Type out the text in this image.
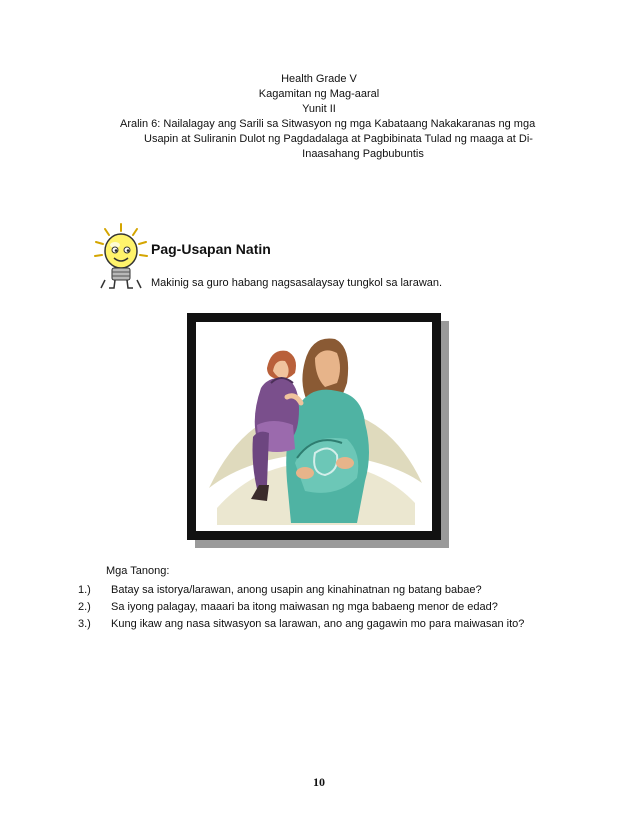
Health Grade V
Kagamitan ng Mag-aaral
Yunit II
Aralin 6: Nailalagay ang Sarili sa Sitwasyon ng mga Kabataang Nakakaranas ng mga
Usapin at Suliranin Dulot ng Pagdadalaga at Pagbibinata Tulad ng maaga at Di-
Inaasahang Pagbubuntis
Pag-Usapan Natin
Makinig sa guro habang nagsasalaysay tungkol sa larawan.
Mga Tanong:
1.) Batay sa istorya/larawan, anong usapin ang kinahinatnan ng batang babae?
2.) Sa iyong palagay, maaari ba itong maiwasan ng mga babaeng menor de edad?
3.) Kung ikaw ang nasa sitwasyon sa larawan, ano ang gagawin mo para maiwasan ito?
10
